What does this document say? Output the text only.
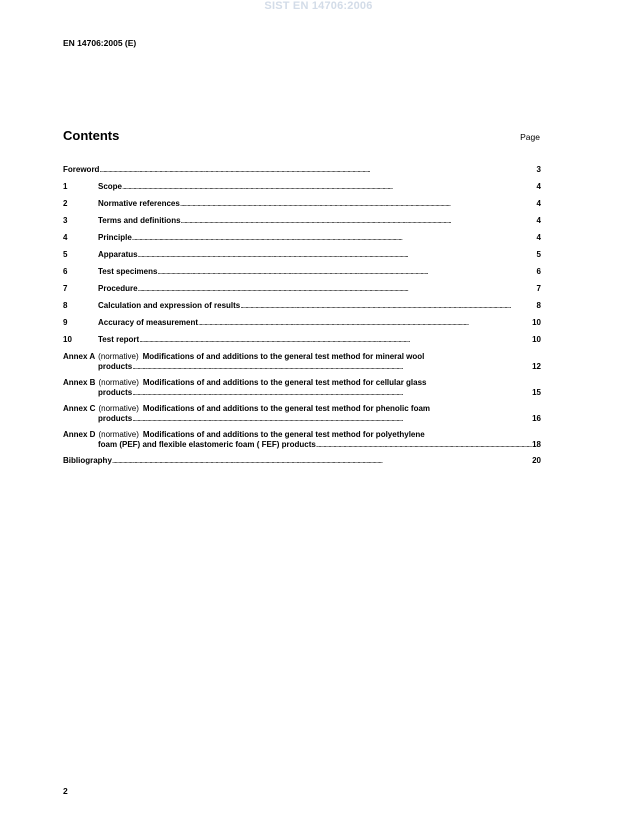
SIST EN 14706:2006
EN 14706:2005 (E)
Contents	Page
Foreword . . .	3
1	Scope . . .	4
2	Normative references . . .	4
3	Terms and definitions . . .	4
4	Principle . . .	4
5	Apparatus . . .	5
6	Test specimens . . .	6
7	Procedure . . .	7
8	Calculation and expression of results . . .	8
9	Accuracy of measurement . . .	10
10	Test report . . .	10
Annex A (normative) Modifications of and additions to the general test method for mineral wool
products . . .	12
Annex B (normative) Modifications of and additions to the general test method for cellular glass
products . . .	15
Annex C (normative) Modifications of and additions to the general test method for phenolic foam
products . . .	16
Annex D (normative) Modifications of and additions to the general test method for polyethylene
foam (PEF) and flexible elastomeric foam ( FEF) products . . .	18
Bibliography . . .	20
2
